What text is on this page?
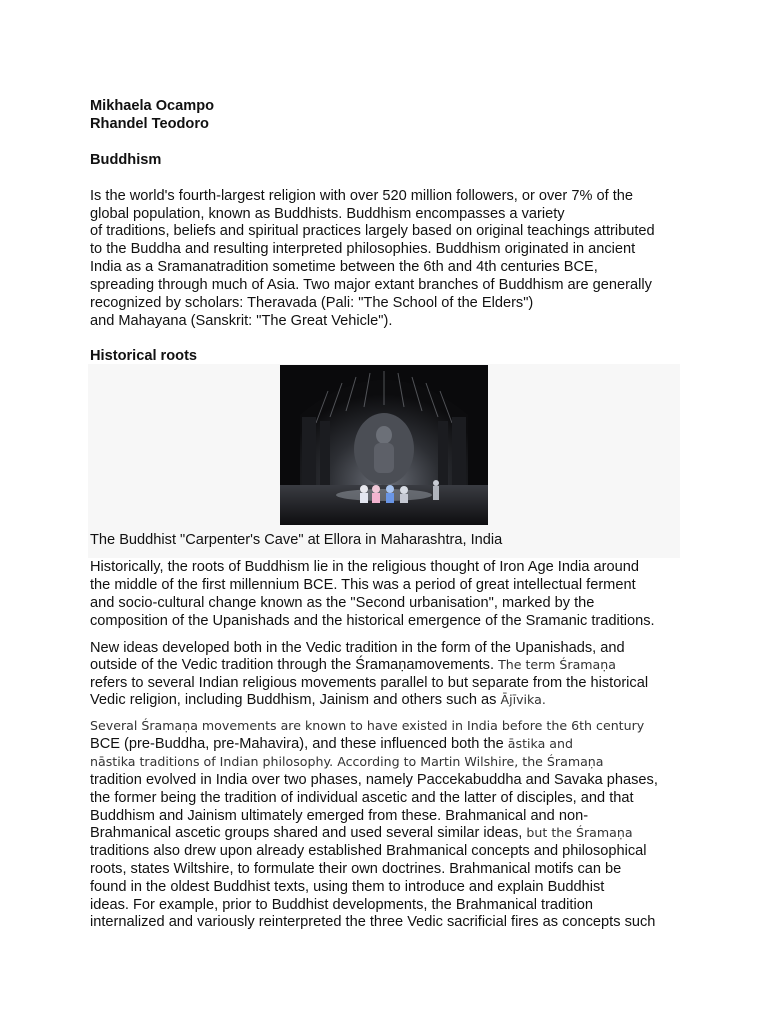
Mikhaela Ocampo
Rhandel Teodoro
Buddhism
Is the world's fourth-largest religion with over 520 million followers, or over 7% of the
global population, known as Buddhists. Buddhism encompasses a variety
of traditions, beliefs and spiritual practices largely based on original teachings attributed
to the Buddha and resulting interpreted philosophies. Buddhism originated in ancient
India as a Sramanatradition sometime between the 6th and 4th centuries BCE,
spreading through much of Asia. Two major extant branches of Buddhism are generally
recognized by scholars: Theravada (Pali: "The School of the Elders")
and Mahayana (Sanskrit: "The Great Vehicle").
Historical roots
The Buddhist "Carpenter's Cave" at Ellora in Maharashtra, India
Historically, the roots of Buddhism lie in the religious thought of Iron Age India around
the middle of the first millennium BCE. This was a period of great intellectual ferment
and socio-cultural change known as the "Second urbanisation", marked by the
composition of the Upanishads and the historical emergence of the Sramanic traditions.
New ideas developed both in the Vedic tradition in the form of the Upanishads, and
outside of the Vedic tradition through the Śramaṇamovements. The term Śramaṇa
refers to several Indian religious movements parallel to but separate from the historical
Vedic religion, including Buddhism, Jainism and others such as Ājīvika.
Several Śramaṇa movements are known to have existed in India before the 6th century
BCE (pre-Buddha, pre-Mahavira), and these influenced both the āstika and
nāstika traditions of Indian philosophy. According to Martin Wilshire, the Śramaṇa
tradition evolved in India over two phases, namely Paccekabuddha and Savaka phases,
the former being the tradition of individual ascetic and the latter of disciples, and that
Buddhism and Jainism ultimately emerged from these. Brahmanical and non-
Brahmanical ascetic groups shared and used several similar ideas, but the Śramaṇa
traditions also drew upon already established Brahmanical concepts and philosophical
roots, states Wiltshire, to formulate their own doctrines. Brahmanical motifs can be
found in the oldest Buddhist texts, using them to introduce and explain Buddhist
ideas. For example, prior to Buddhist developments, the Brahmanical tradition
internalized and variously reinterpreted the three Vedic sacrificial fires as concepts such
